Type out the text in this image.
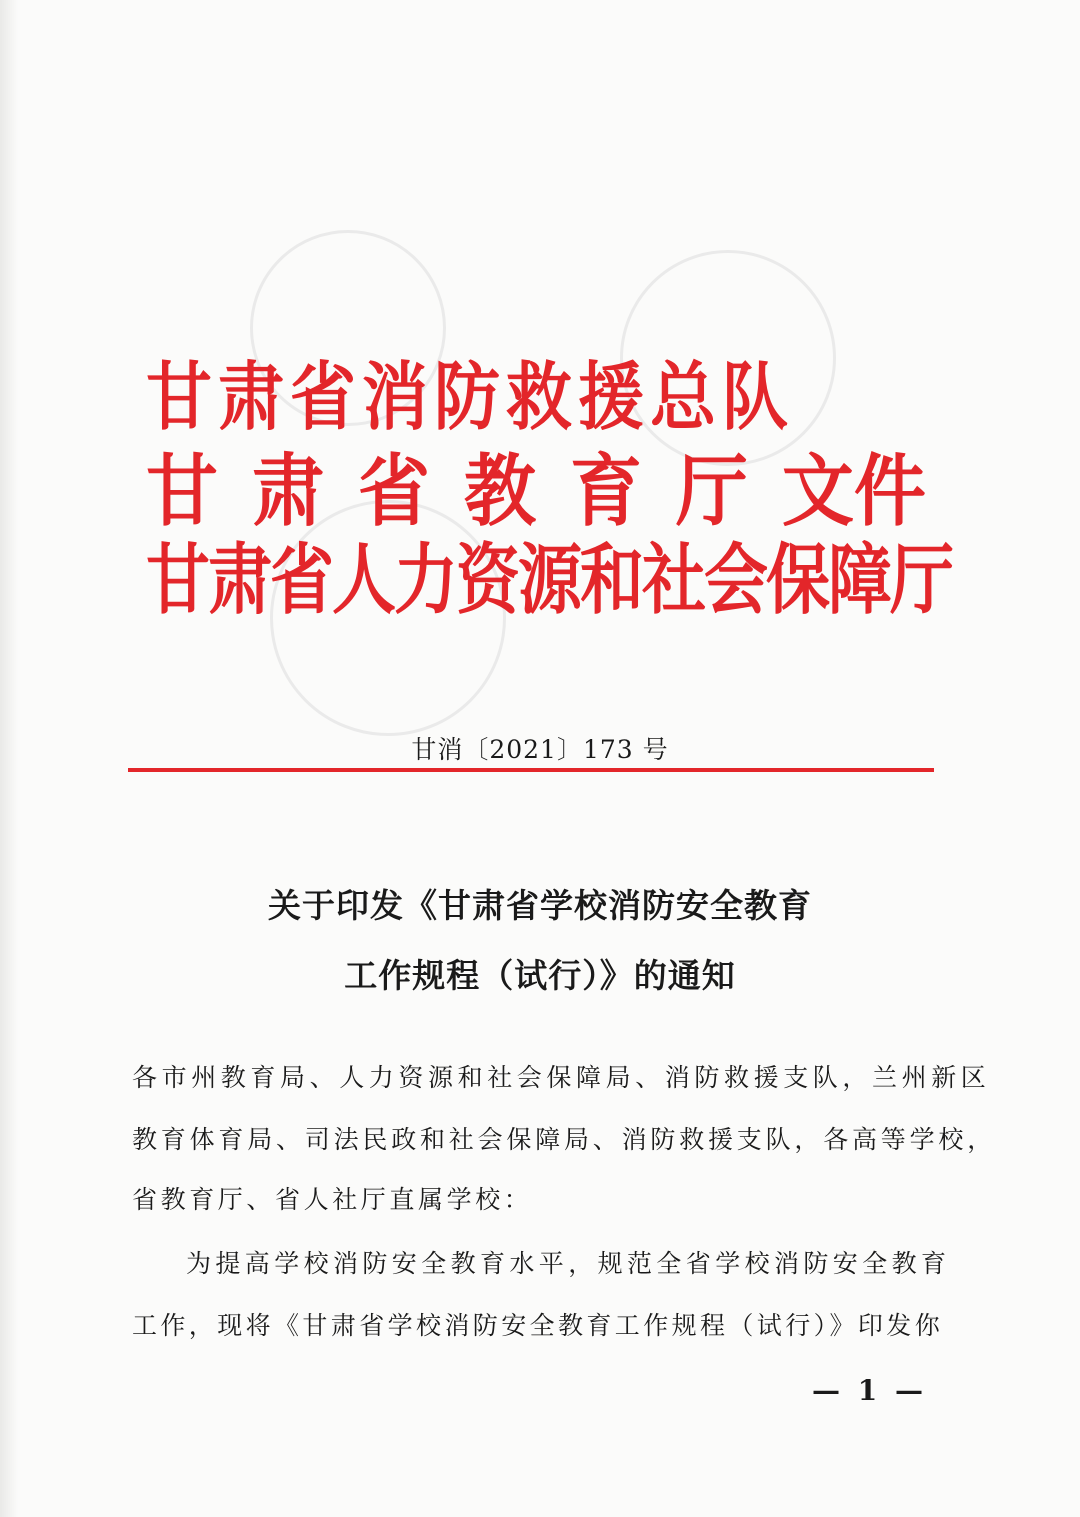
甘肃省消防救援总队
甘 肃 省 教 育 厅 文件
甘肃省人力资源和社会保障厅
甘消〔2021〕173 号
关于印发《甘肃省学校消防安全教育
工作规程（试行）》的通知
各市州教育局、人力资源和社会保障局、消防救援支队，兰州新区
教育体育局、司法民政和社会保障局、消防救援支队，各高等学校，
省教育厅、省人社厅直属学校：
为提高学校消防安全教育水平，规范全省学校消防安全教育
工作，现将《甘肃省学校消防安全教育工作规程（试行）》印发你
— 1 —
